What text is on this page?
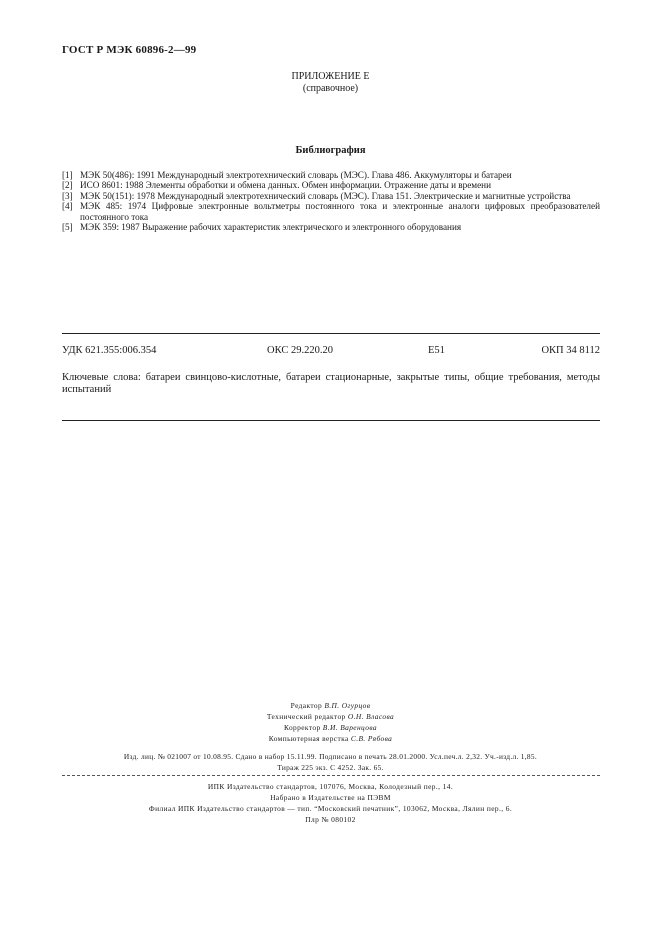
ГОСТ Р МЭК 60896-2—99
ПРИЛОЖЕНИЕ Е
(справочное)
Библиография
[1] МЭК 50(486): 1991 Международный электротехнический словарь (МЭС). Глава 486. Аккумуляторы и батареи
[2] ИСО 8601: 1988 Элементы обработки и обмена данных. Обмен информации. Отражение даты и времени
[3] МЭК 50(151): 1978 Международный электротехнический словарь (МЭС). Глава 151. Электрические и магнитные устройства
[4] МЭК 485: 1974 Цифровые электронные вольтметры постоянного тока и электронные аналоги цифровых преобразователей постоянного тока
[5] МЭК 359: 1987 Выражение рабочих характеристик электрического и электронного оборудования
УДК 621.355:006.354	ОКС 29.220.20	Е51	ОКП 34 8112
Ключевые слова: батареи свинцово-кислотные, батареи стационарные, закрытые типы, общие требования, методы испытаний
Редактор В.П. Огурцов
Технический редактор О.Н. Власова
Корректор В.И. Варенцова
Компьютерная верстка С.В. Рябова
Изд. лиц. № 021007 от 10.08.95. Сдано в набор 15.11.99. Подписано в печать 28.01.2000. Усл.печ.л. 2,32. Уч.-изд.л. 1,85.
Тираж 225 экз. С 4252. Зак. 65.
ИПК Издательство стандартов, 107076, Москва, Колодезный пер., 14.
Набрано в Издательстве на ПЭВМ
Филиал ИПК Издательство стандартов — тип. “Московский печатник”, 103062, Москва, Лялин пер., 6.
Плр № 080102
